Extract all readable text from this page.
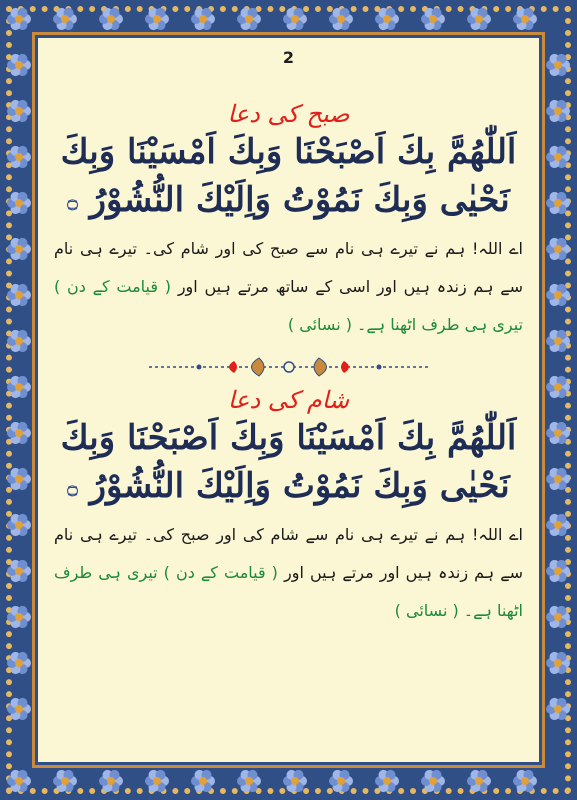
2
صبح کی دعا

اَللّٰھُمَّ بِكَ اَصْبَحْنَا وَبِكَ اَمْسَيْنَا وَبِكَ

نَحْيٰى وَبِكَ نَمُوْتُ وَاِلَيْكَ النُّشُوْرُ ۝

اے اللہ! ہم نے تیرے ہی نام سے صبح کی اور شام کی۔ تیرے ہی نام سے ہم زندہ ہیں اور اسی کے ساتھ مرتے ہیں اور ( قیامت کے دن ) تیری ہی طرف اٹھنا ہے۔ ( نسائی )

شام کی دعا

اَللّٰھُمَّ بِكَ اَمْسَيْنَا وَبِكَ اَصْبَحْنَا وَبِكَ

نَحْيٰى وَبِكَ نَمُوْتُ وَاِلَيْكَ النُّشُوْرُ ۝

اے اللہ! ہم نے تیرے ہی نام سے شام کی اور صبح کی۔ تیرے ہی نام سے ہم زندہ ہیں اور مرتے ہیں اور ( قیامت کے دن ) تیری ہی طرف اٹھنا ہے۔ ( نسائی )
